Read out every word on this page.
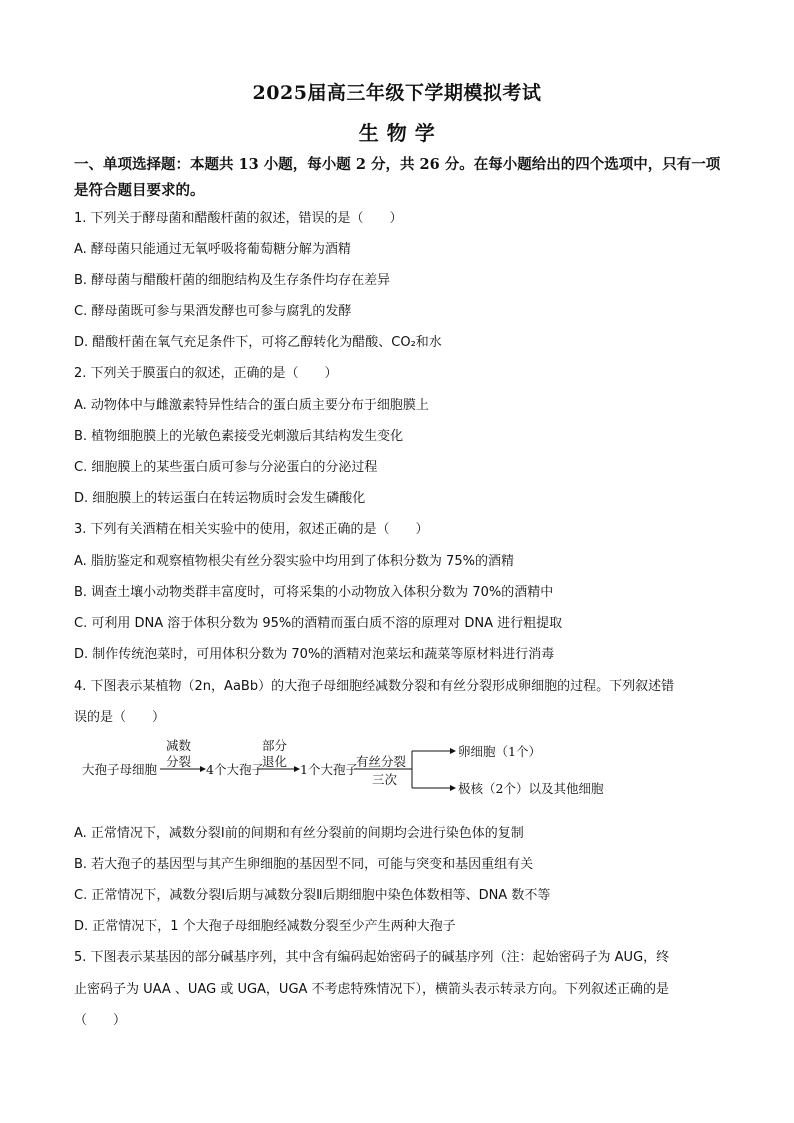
2025届高三年级下学期模拟考试
生 物 学
一、单项选择题：本题共 13 小题，每小题 2 分，共 26 分。在每小题给出的四个选项中，只有一项是符合题目要求的。
1. 下列关于酵母菌和醋酸杆菌的叙述，错误的是（　　）
A. 酵母菌只能通过无氧呼吸将葡萄糖分解为酒精
B. 酵母菌与醋酸杆菌的细胞结构及生存条件均存在差异
C. 酵母菌既可参与果酒发酵也可参与腐乳的发酵
D. 醋酸杆菌在氧气充足条件下，可将乙醇转化为醋酸、CO₂和水
2. 下列关于膜蛋白的叙述，正确的是（　　）
A. 动物体中与雌激素特异性结合的蛋白质主要分布于细胞膜上
B. 植物细胞膜上的光敏色素接受光刺激后其结构发生变化
C. 细胞膜上的某些蛋白质可参与分泌蛋白的分泌过程
D. 细胞膜上的转运蛋白在转运物质时会发生磷酸化
3. 下列有关酒精在相关实验中的使用，叙述正确的是（　　）
A. 脂肪鉴定和观察植物根尖有丝分裂实验中均用到了体积分数为 75%的酒精
B. 调查土壤小动物类群丰富度时，可将采集的小动物放入体积分数为 70%的酒精中
C. 可利用 DNA 溶于体积分数为 95%的酒精而蛋白质不溶的原理对 DNA 进行粗提取
D. 制作传统泡菜时，可用体积分数为 70%的酒精对泡菜坛和蔬菜等原材料进行消毒
4. 下图表示某植物（2n，AaBb）的大孢子母细胞经减数分裂和有丝分裂形成卵细胞的过程。下列叙述错
误的是（　　）
大孢子母细胞
减数
分裂
4个大孢子
部分
退化
1个大孢子
有丝分裂
三次
卵细胞（1个）
极核（2个）以及其他细胞
A. 正常情况下，减数分裂Ⅰ前的间期和有丝分裂前的间期均会进行染色体的复制
B. 若大孢子的基因型与其产生卵细胞的基因型不同，可能与突变和基因重组有关
C. 正常情况下，减数分裂Ⅰ后期与减数分裂Ⅱ后期细胞中染色体数相等、DNA 数不等
D. 正常情况下，1 个大孢子母细胞经减数分裂至少产生两种大孢子
5. 下图表示某基因的部分碱基序列，其中含有编码起始密码子的碱基序列（注：起始密码子为 AUG，终
止密码子为 UAA 、UAG 或 UGA，UGA 不考虑特殊情况下），横箭头表示转录方向。下列叙述正确的是
（　　）
